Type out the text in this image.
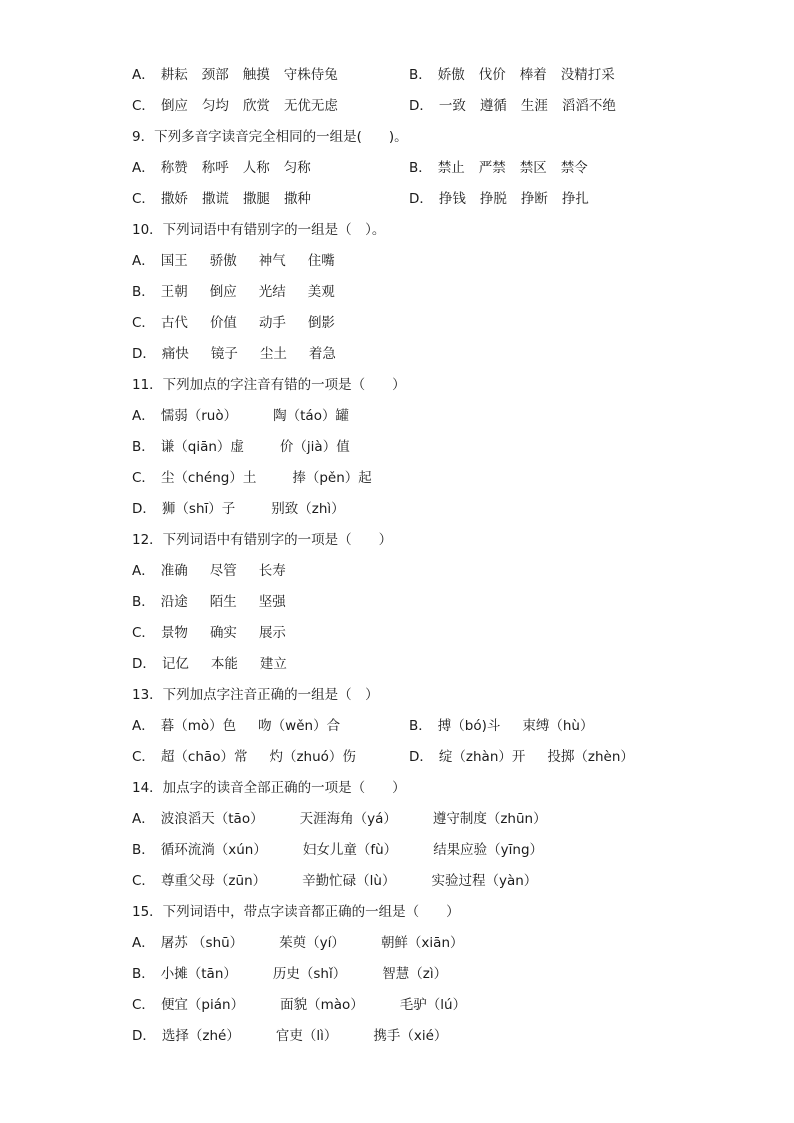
A． 耕耘 颈部 触摸 守株侍兔	B． 娇傲 伐价 棒着 没精打采
C． 倒应 匀均 欣赏 无优无虑	D． 一致 遵循 生涯 滔滔不绝
9．下列多音字读音完全相同的一组是(　　)。
A． 称赞 称呼 人称 匀称	B． 禁止 严禁 禁区 禁令
C． 撒娇 撒谎 撒腿 撒种	D． 挣钱 挣脱 挣断 挣扎
10．下列词语中有错别字的一组是（　）。
A． 国王 骄傲 神气 住嘴
B． 王朝 倒应 光结 美观
C． 古代 价值 动手 倒影
D． 痛快 镜子 尘土 着急
11．下列加点的字注音有错的一项是（　　）
A． 懦弱（ruò）	陶（táo）罐
B． 谦（qiān）虚	价（jià）值
C． 尘（chéng）土	捧（pěn）起
D． 狮（shī）子	别致（zhì）
12．下列词语中有错别字的一项是（　　）
A． 准确 尽管 长寿
B． 沿途 陌生 坚强
C． 景物 确实 展示
D． 记亿 本能 建立
13．下列加点字注音正确的一组是（　）
A． 暮（mò）色 吻（wěn）合	B． 搏（bó)斗 束缚（hù）
C． 超（chāo）常 灼（zhuó）伤	D． 绽（zhàn）开 投掷（zhèn）
14．加点字的读音全部正确的一项是（　　）
A． 波浪滔天（tāo）	天涯海角（yá）	遵守制度（zhūn）
B． 循环流淌（xún）	妇女儿童（fù）	结果应验（yīng）
C． 尊重父母（zūn）	辛勤忙碌（lù）	实验过程（yàn）
15．下列词语中，带点字读音都正确的一组是（　　）
A． 屠苏 （shū）	茱萸（yí）	朝鲜（xiān）
B． 小摊（tān）	历史（shǐ）	智慧（zì）
C． 便宜（pián）	面貌（mào）	毛驴（lú）
D． 选择（zhé）	官吏（lì）	携手（xié）
